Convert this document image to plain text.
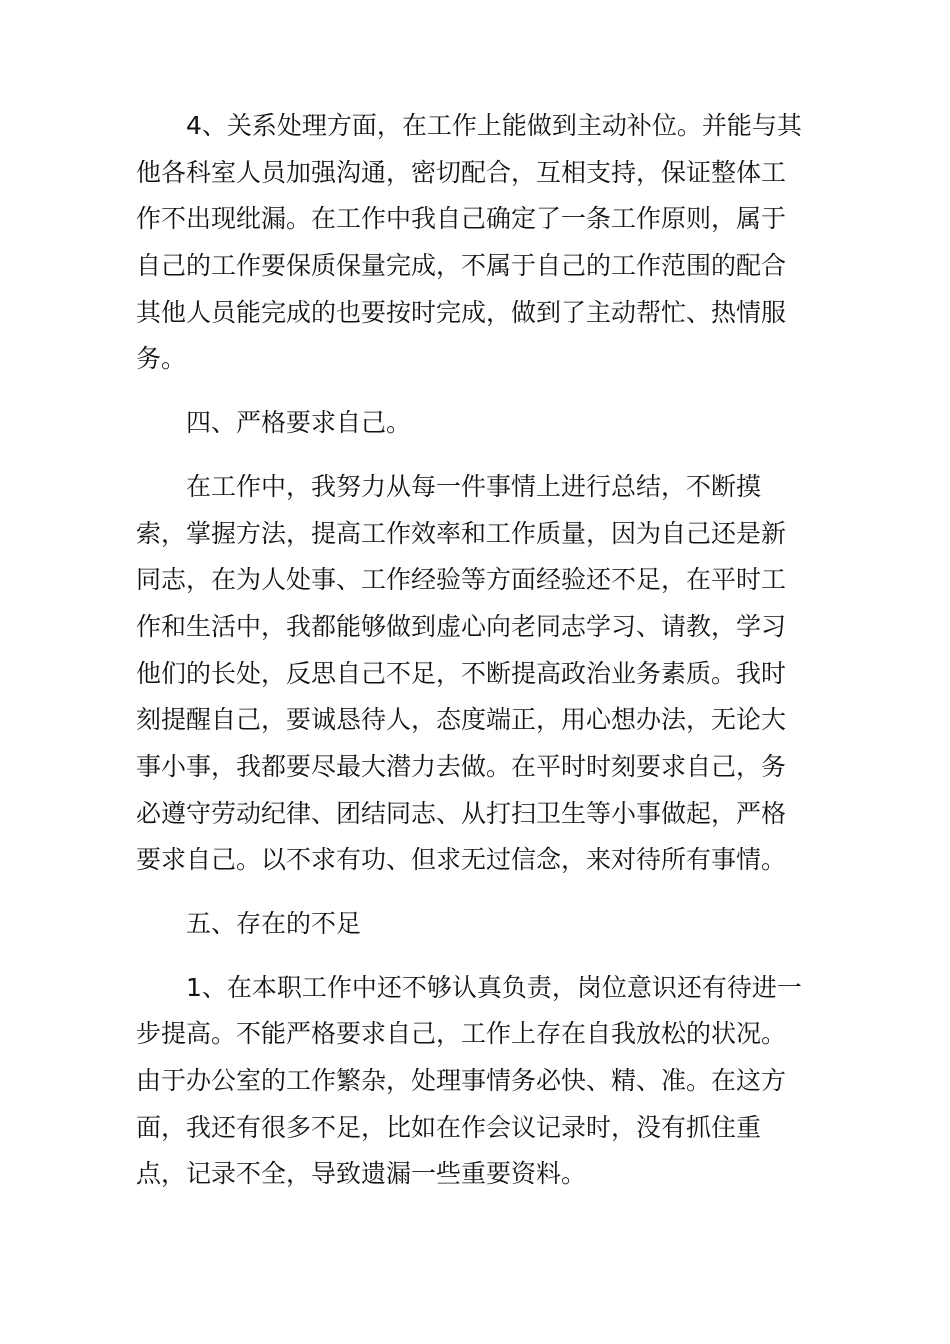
4、关系处理方面，在工作上能做到主动补位。并能与其
他各科室人员加强沟通，密切配合，互相支持，保证整体工
作不出现纰漏。在工作中我自己确定了一条工作原则，属于
自己的工作要保质保量完成，不属于自己的工作范围的配合
其他人员能完成的也要按时完成，做到了主动帮忙、热情服
务。

四、严格要求自己。

在工作中，我努力从每一件事情上进行总结，不断摸
索，掌握方法，提高工作效率和工作质量，因为自己还是新
同志，在为人处事、工作经验等方面经验还不足，在平时工
作和生活中，我都能够做到虚心向老同志学习、请教，学习
他们的长处，反思自己不足，不断提高政治业务素质。我时
刻提醒自己，要诚恳待人，态度端正，用心想办法，无论大
事小事，我都要尽最大潜力去做。在平时时刻要求自己，务
必遵守劳动纪律、团结同志、从打扫卫生等小事做起，严格
要求自己。以不求有功、但求无过信念，来对待所有事情。

五、存在的不足

1、在本职工作中还不够认真负责，岗位意识还有待进一
步提高。不能严格要求自己，工作上存在自我放松的状况。
由于办公室的工作繁杂，处理事情务必快、精、准。在这方
面，我还有很多不足，比如在作会议记录时，没有抓住重
点，记录不全，导致遗漏一些重要资料。
